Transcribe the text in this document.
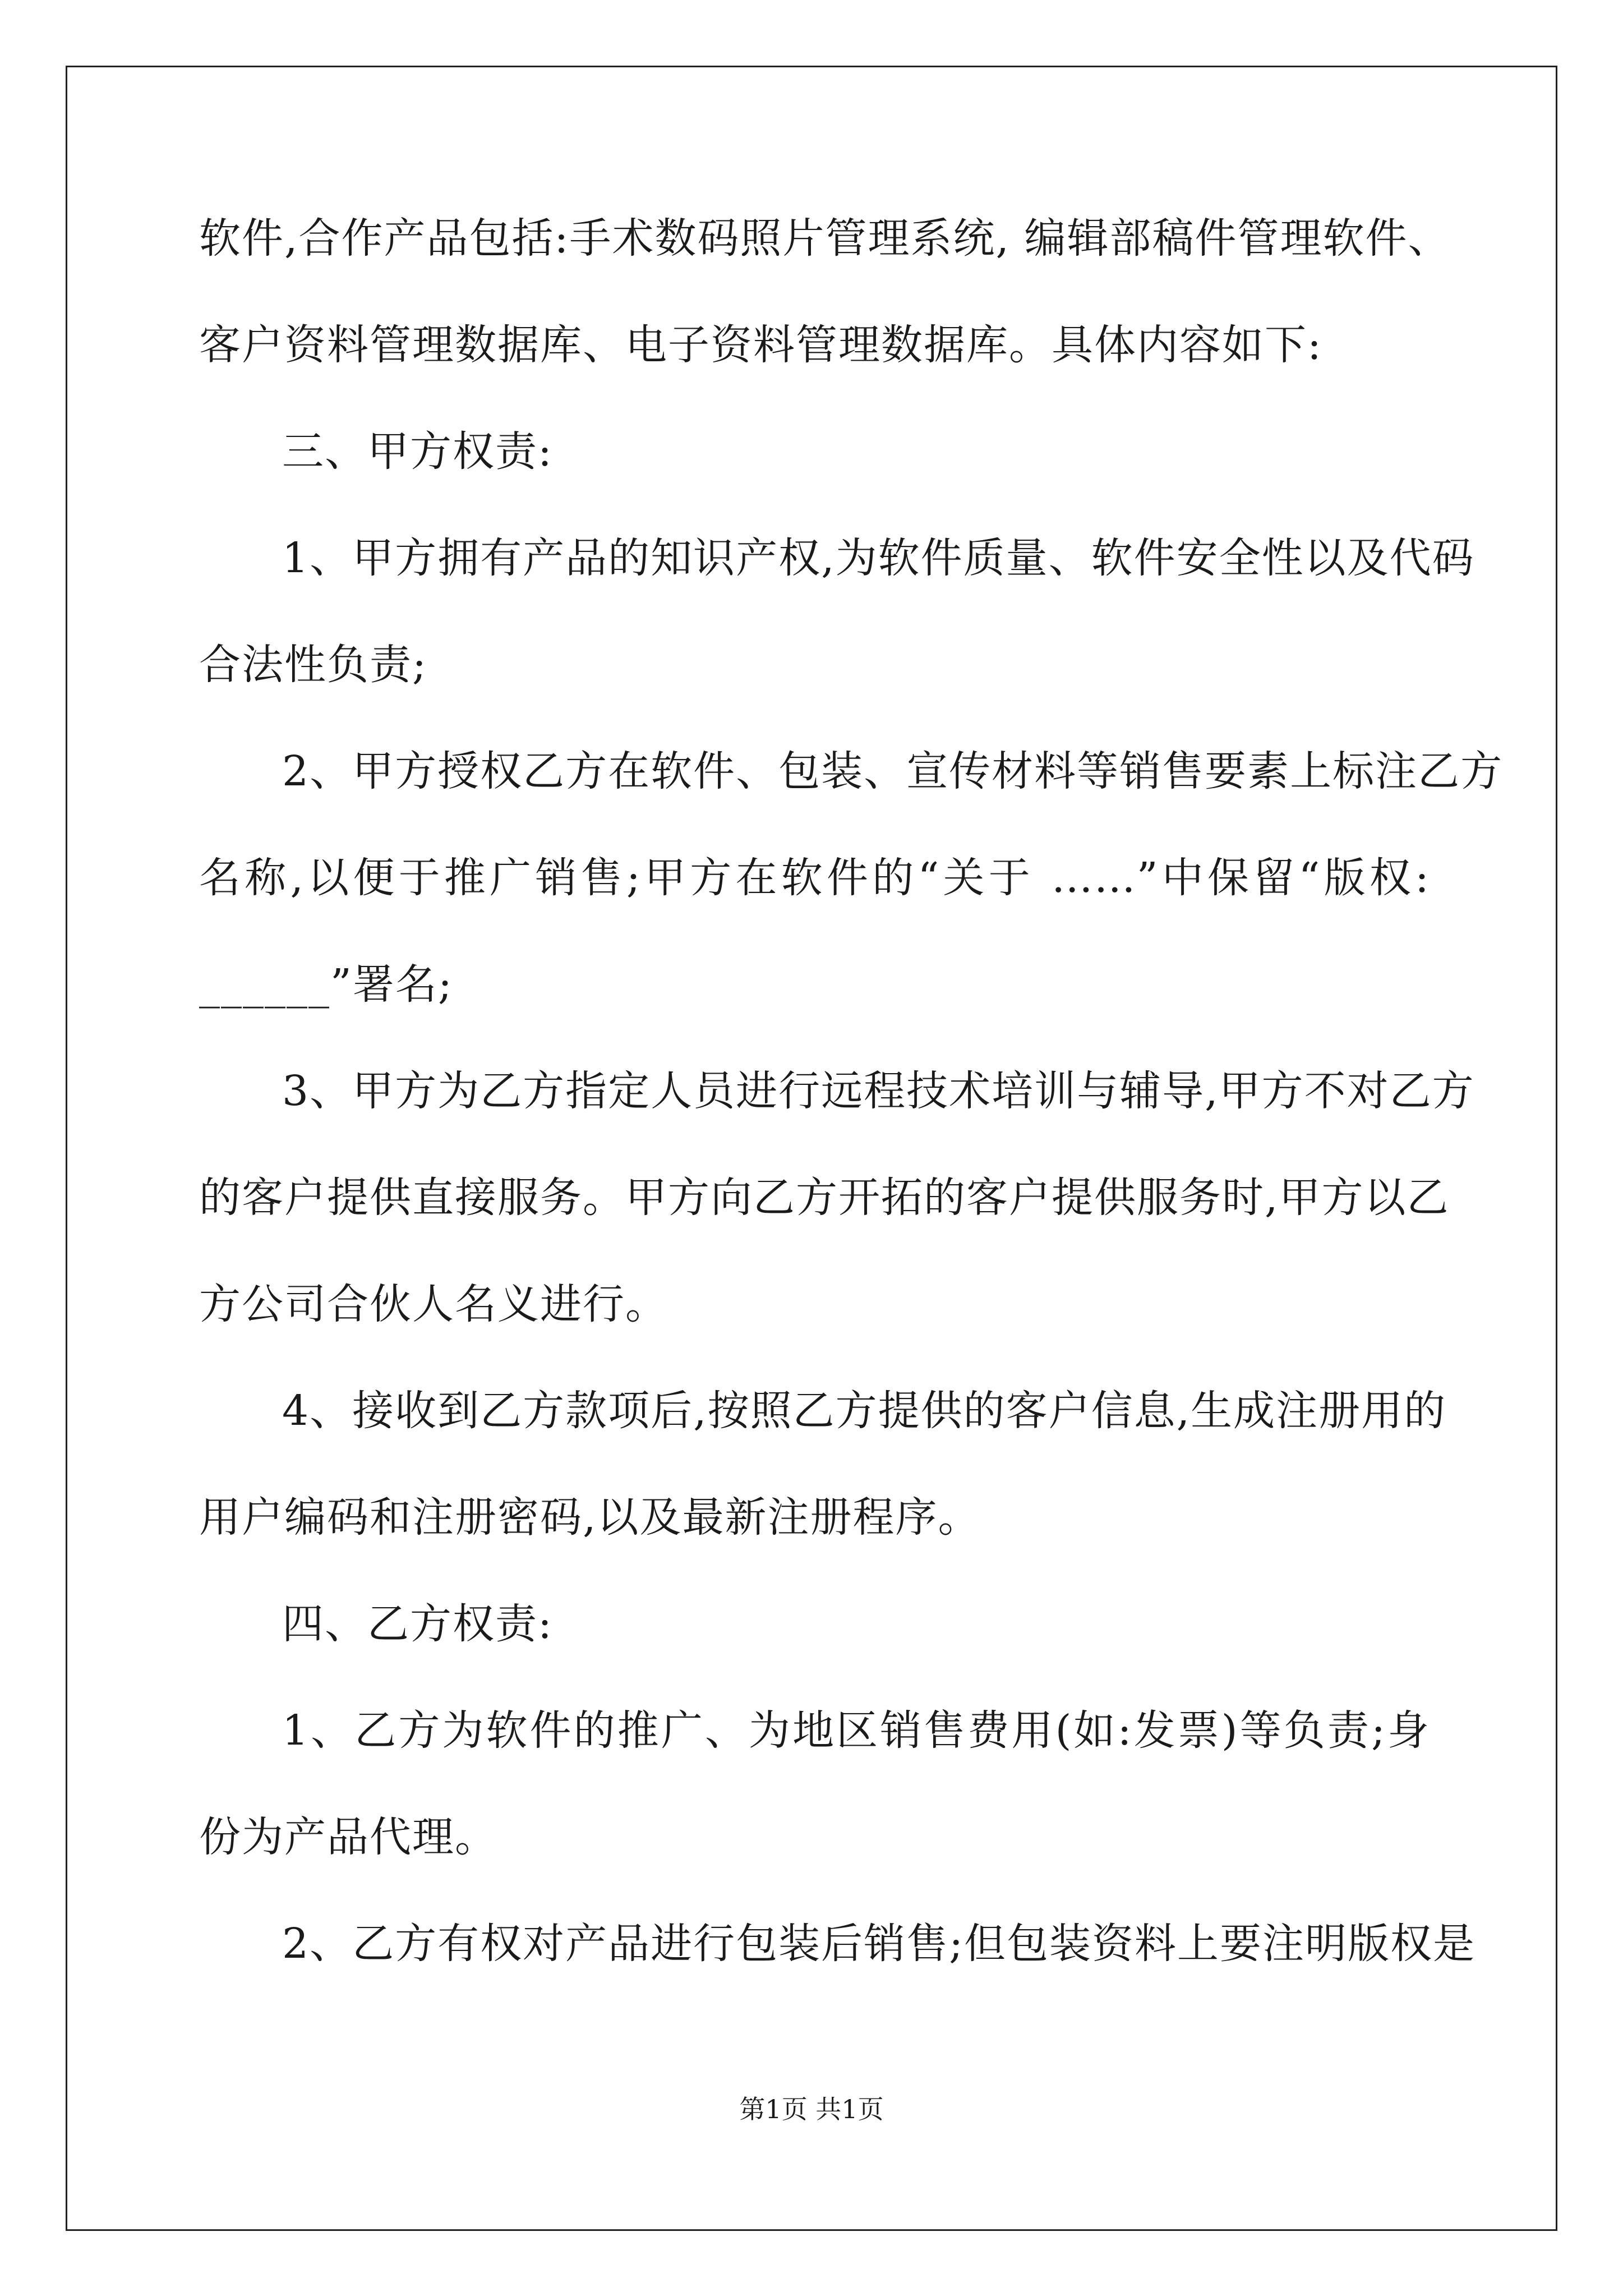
软件,合作产品包括:手术数码照片管理系统, 编辑部稿件管理软件、
客户资料管理数据库、电子资料管理数据库。具体内容如下:
三、甲方权责:
1、甲方拥有产品的知识产权,为软件质量、软件安全性以及代码
合法性负责;
2、甲方授权乙方在软件、包装、宣传材料等销售要素上标注乙方
名称,以便于推广销售;甲方在软件的“关于 ……”中保留“版权:
______”署名;
3、甲方为乙方指定人员进行远程技术培训与辅导,甲方不对乙方
的客户提供直接服务。甲方向乙方开拓的客户提供服务时,甲方以乙
方公司合伙人名义进行。
4、接收到乙方款项后,按照乙方提供的客户信息,生成注册用的
用户编码和注册密码,以及最新注册程序。
四、乙方权责:
1、乙方为软件的推广、为地区销售费用(如:发票)等负责;身
份为产品代理。
2、乙方有权对产品进行包装后销售;但包装资料上要注明版权是
第1页 共1页
